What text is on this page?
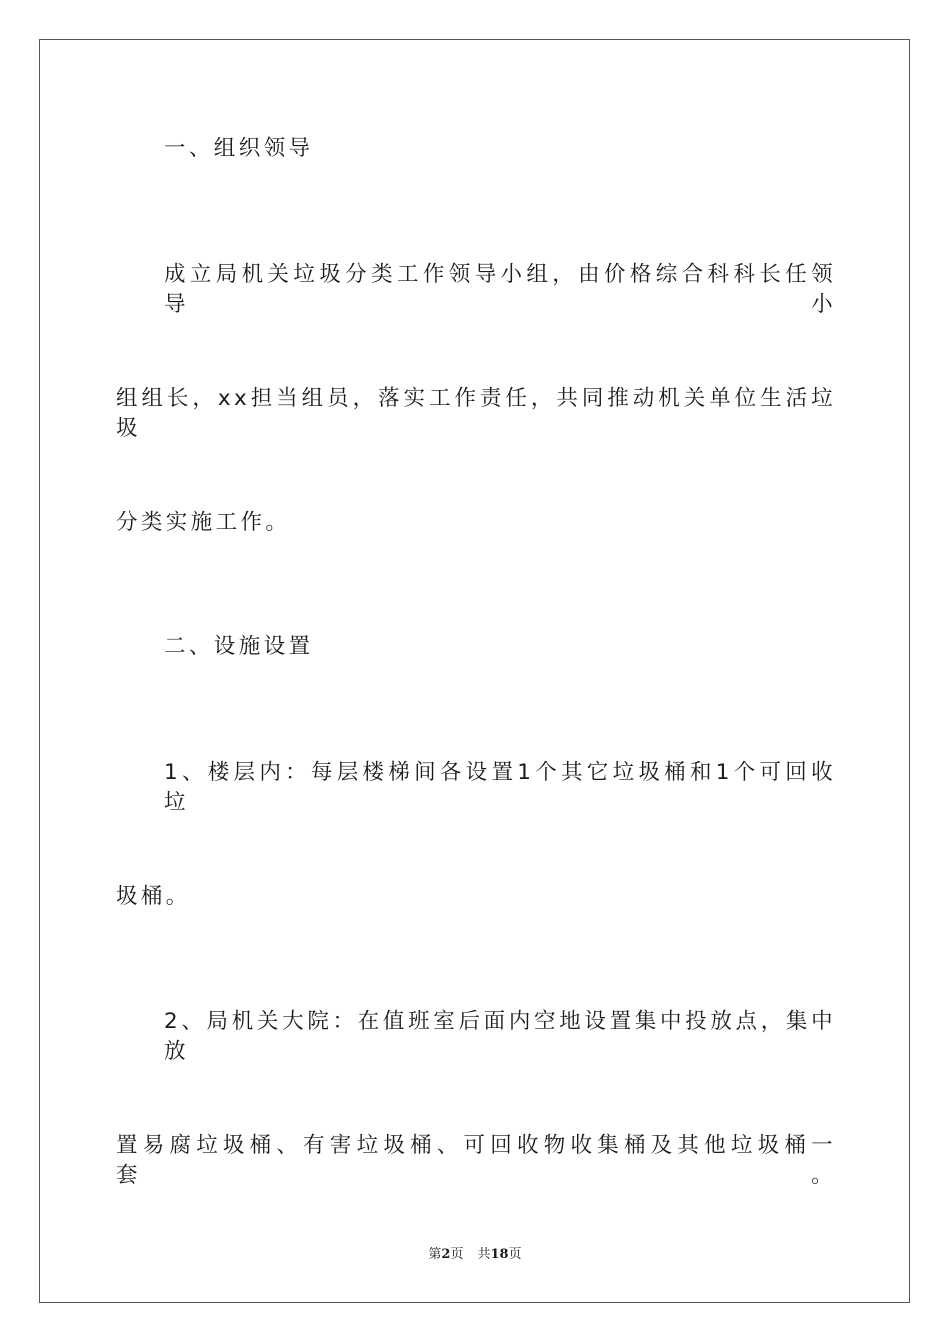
一、组织领导
成立局机关垃圾分类工作领导小组，由价格综合科科长任领导小
组组长，xx担当组员，落实工作责任，共同推动机关单位生活垃圾
分类实施工作。
二、设施设置
1、楼层内：每层楼梯间各设置1个其它垃圾桶和1个可回收垃
圾桶。
2、局机关大院：在值班室后面内空地设置集中投放点，集中放
置易腐垃圾桶、有害垃圾桶、可回收物收集桶及其他垃圾桶一套。
第2页 共18页
